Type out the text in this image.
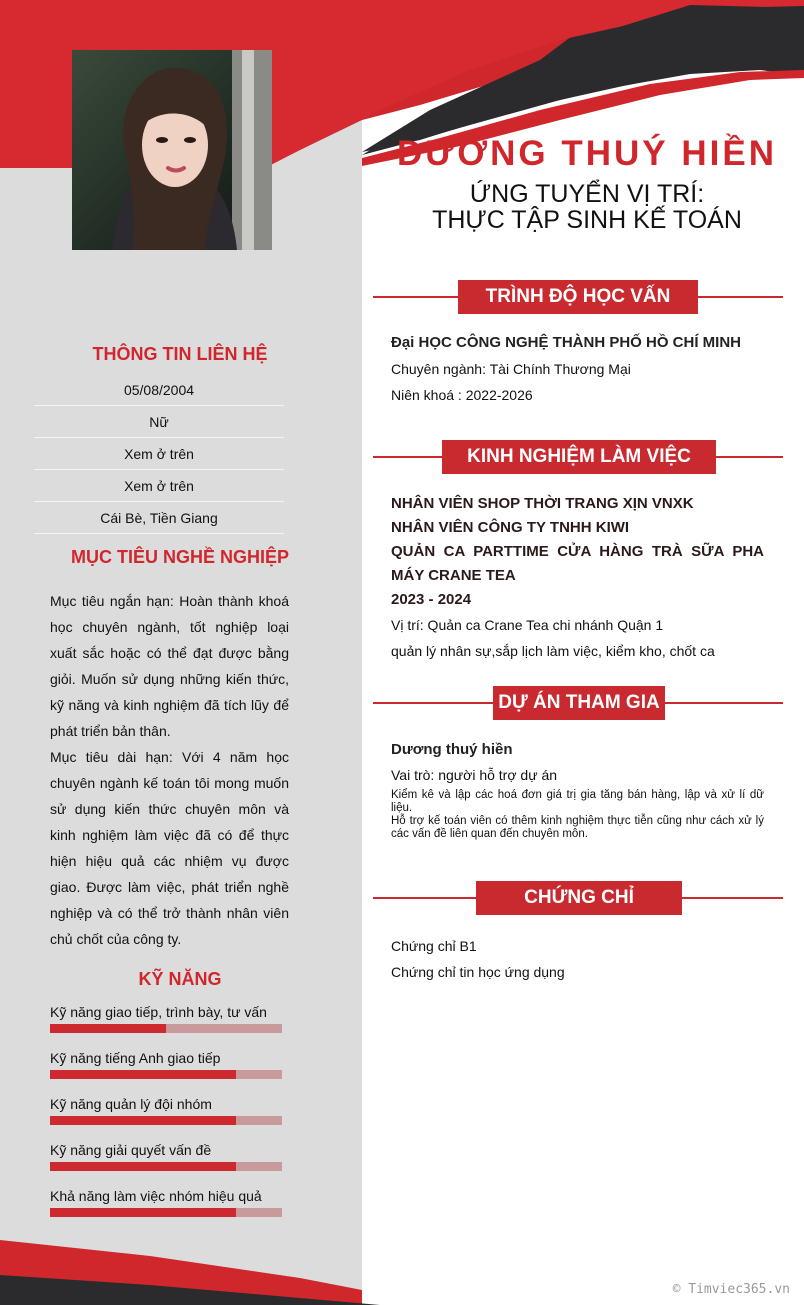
DƯƠNG THUÝ HIỀN
ỨNG TUYỂN VỊ TRÍ:
THỰC TẬP SINH KẾ TOÁN
THÔNG TIN LIÊN HỆ
05/08/2004
Nữ
Xem ở trên
Xem ở trên
Cái Bè, Tiền Giang
MỤC TIÊU NGHỀ NGHIỆP
Mục tiêu ngắn hạn: Hoàn thành khoá học chuyên ngành, tốt nghiệp loại xuất sắc hoặc có thể đạt được bằng giỏi. Muốn sử dụng những kiến thức, kỹ năng và kinh nghiệm đã tích lũy để phát triển bản thân.
Mục tiêu dài hạn: Với 4 năm học chuyên ngành kế toán tôi mong muốn sử dụng kiến thức chuyên môn và kinh nghiệm làm việc đã có để thực hiện hiệu quả các nhiệm vụ được giao. Được làm việc, phát triển nghề nghiệp và có thể trở thành nhân viên chủ chốt của công ty.
KỸ NĂNG
Kỹ năng giao tiếp, trình bày, tư vấn
Kỹ năng tiếng Anh giao tiếp
Kỹ năng quản lý đội nhóm
Kỹ năng giải quyết vấn đề
Khả năng làm việc nhóm hiệu quả
TRÌNH ĐỘ HỌC VẤN
Đại HỌC CÔNG NGHỆ THÀNH PHỐ HỒ CHÍ MINH
Chuyên ngành: Tài Chính Thương Mại
Niên khoá : 2022-2026
KINH NGHIỆM LÀM VIỆC
NHÂN VIÊN SHOP THỜI TRANG XỊN VNXK
NHÂN VIÊN CÔNG TY TNHH KIWI
QUẢN CA PARTTIME CỬA HÀNG TRÀ SỮA PHA MÁY CRANE TEA
2023 - 2024
Vị trí: Quản ca Crane Tea chi nhánh Quận 1
quản lý nhân sự,sắp lịch làm việc, kiểm kho, chốt ca
DỰ ÁN THAM GIA
Dương thuý hiền
Vai trò: người hỗ trợ dự án
Kiểm kê và lập các hoá đơn giá trị gia tăng bán hàng, lập và xử lí dữ liệu.
Hỗ trợ kế toán viên có thêm kinh nghiệm thực tiễn cũng như cách xử lý các vấn đề liên quan đến chuyên môn.
CHỨNG CHỈ
Chứng chỉ B1
Chứng chỉ tin học ứng dụng
© Timviec365.vn
